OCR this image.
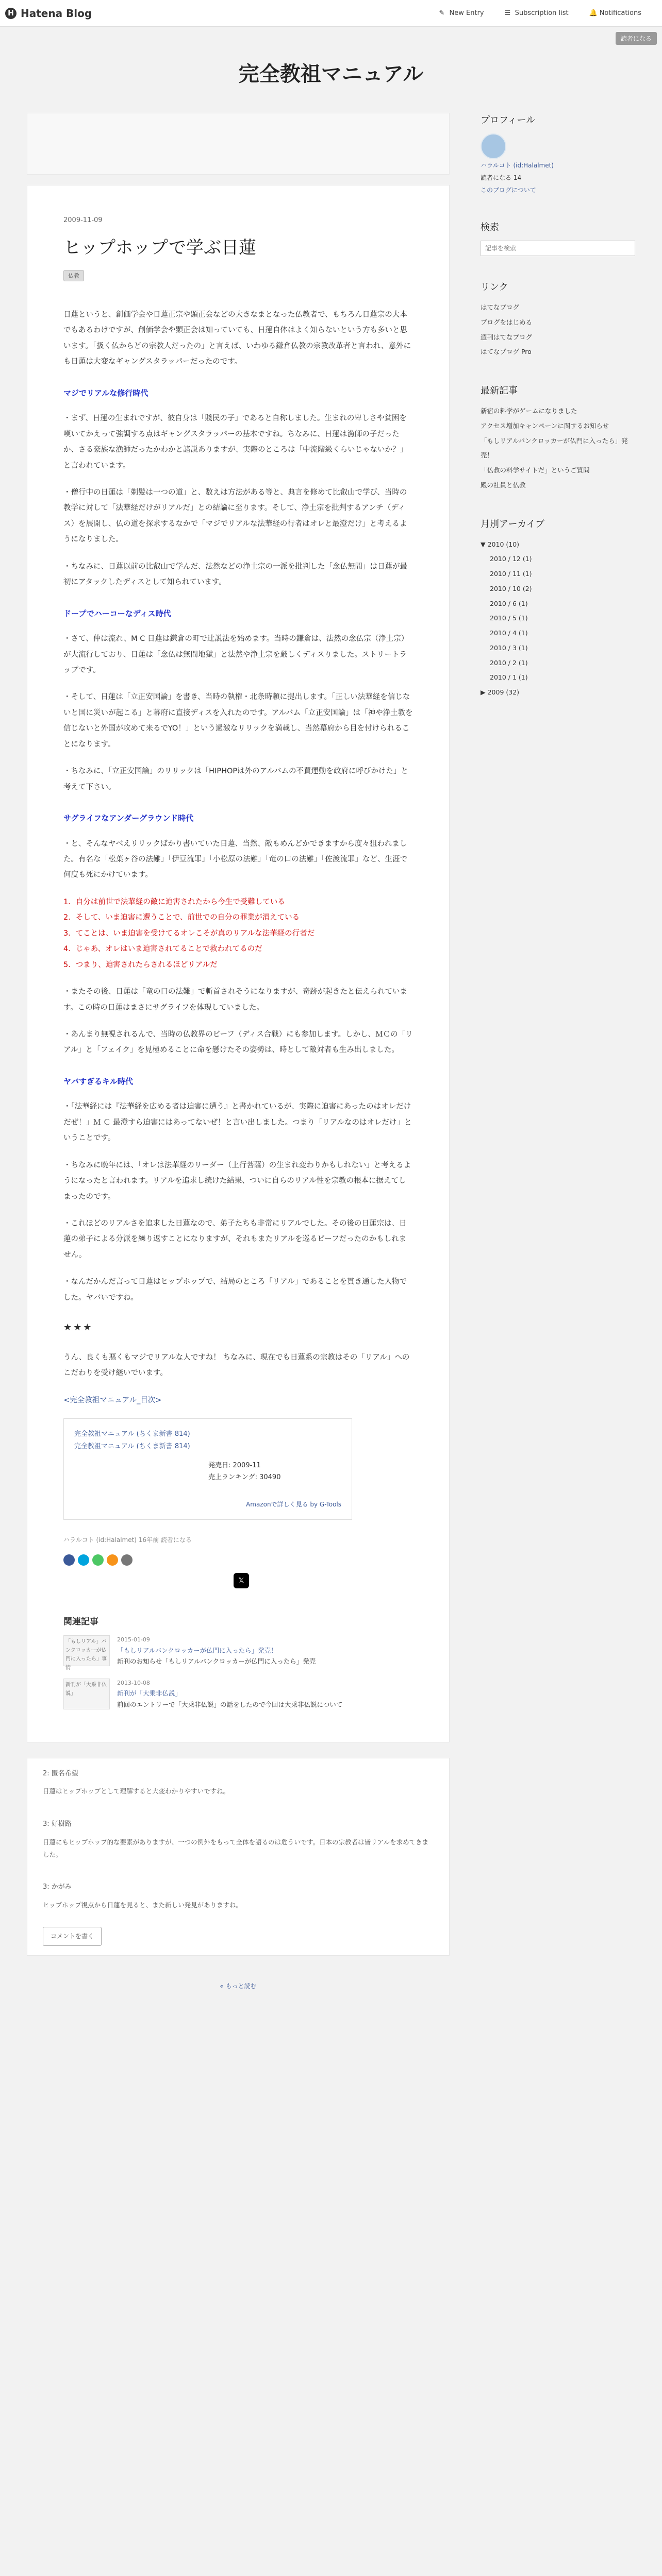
H Hatena Blog	✎ New Entry	☰ Subscription list	🔔 Notifications
読者になる
完全教祖マニュアル
2009-11-09
ヒップホップで学ぶ日蓮
仏教

日蓮というと、創価学会や日蓮正宗や顕正会などの大きなまとなった仏教者で、もちろん日蓮宗の大本でもあるわけですが、創価学会や顕正会は知っていても、日蓮自体はよく知らないという方も多いと思います。「扱く仏からどの宗教人だったの」と言えば、いわゆる鎌倉仏教の宗教改革者と言われ、意外にも日蓮は大変なギャングスタラッパーだったのです。

マジでリアルな修行時代

・まず、日蓮の生まれですが、彼自身は「賤民の子」であると自称しました。生まれの卑しさや貧困を嘆いてかえって強調する点はギャングスタラッパーの基本ですね。ちなみに、日蓮は漁師の子だったか、さる豪族な漁師だったかわかと諸説ありますが、実際のところは「中流階級くらいじゃないか？」と言われています。

・僧行中の日蓮は「剃髪は一つの道」と、数えは方法がある等と、典言を修めて比叡山で学び、当時の教学に対して「法華経だけがリアルだ」との結論に至ります。そして、浄土宗を批判するアンチ（ディス）を展開し、仏の道を探求するなかで「マジでリアルな法華経の行者はオレと最澄だけ」と考えるようになりました。

・ちなみに、日蓮以前の比叡山で学んだ、法然などの浄土宗の一派を批判した「念仏無間」は日蓮が最初にアタックしたディスとして知られています。

ドープでハーコーなディス時代

・さて、仲は流れ、M C 日蓮は鎌倉の町で辻説法を始めます。当時の鎌倉は、法然の念仏宗（浄土宗）が大流行しており、日蓮は「念仏は無間地獄」と法然や浄土宗を厳しくディスりました。ストリートラップです。

・そして、日蓮は「立正安国論」を書き、当時の執権・北条時頼に提出します。「正しい法華経を信じないと国に災いが起こる」と幕府に直接ディスを入れたのです。アルバム「立正安国論」は「神や浄土教を信じないと外国が攻めて来るでYO！」という過激なリリックを満載し、当然幕府から目を付けられることになります。

・ちなみに、「立正安国論」のリリックは「HIPHOPは外のアルバムの不買運動を政府に呼びかけた」と考えて下さい。

サグライフなアンダーグラウンド時代

・と、そんなヤベえリリックばかり書いていた日蓮、当然、敵もめんどかできますから度々狙われました。有名な「松葉ヶ谷の法難」「伊豆流罪」「小松原の法難」「竜の口の法難」「佐渡流罪」など、生涯で何度も死にかけています。

1．自分は前世で法華経の敵に迫害されたから今生で受難している
2．そして、いま迫害に遭うことで、前世での自分の罪業が消えている
3．てことは、いま迫害を受けてるオレこそが真のリアルな法華経の行者だ
4．じゃあ、オレはいま迫害されてることで救われてるのだ
5．つまり、迫害されたらされるほどリアルだ

・またその後、日蓮は「竜の口の法難」で斬首されそうになりますが、奇跡が起きたと伝えられています。この時の日蓮はまさにサグライフを体現していました。

・あんまり無視されるんで、当時の仏教界のビーフ（ディス合戦）にも参加します。しかし、ＭＣの「リアル」と「フェイク」を見極めることに命を懸けたその姿勢は、時として敵対者も生み出しました。

ヤバすぎるキル時代

・「法華経には『法華経を広める者は迫害に遭う』と書かれているが、実際に迫害にあったのはオレだけだぜ！」Ｍ Ｃ 最澄すら迫害にはあってないぜ！と言い出しました。つまり「リアルなのはオレだけ」ということです。

・ちなみに晩年には、「オレは法華経のリーダー（上行菩薩）の生まれ変わりかもしれない」と考えるようになったと言われます。リアルを追求し続けた結果、ついに自らのリアル性を宗教の根本に据えてしまったのです。

・これほどのリアルさを追求した日蓮なので、弟子たちも非常にリアルでした。その後の日蓮宗は、日蓮の弟子による分派を繰り返すことになりますが、それもまたリアルを巡るビーフだったのかもしれません。

・なんだかんだ言って日蓮はヒップホップで、結局のところ「リアル」であることを貫き通した人物でした。ヤバいですね。

★★★

うん、良くも悪くもマジでリアルな人ですね！ ちなみに、現在でも日蓮系の宗教はその「リアル」へのこだわりを受け継いでいます。

<完全教祖マニュアル_目次>
完全教祖マニュアル (ちくま新書 814)
完全教祖マニュアル (ちくま新書 814)
発売日: 2009-11
売上ランキング: 30490
Amazonで詳しく見る by G-Tools
ハラルコト (id:Halalmet) 16年前 読者になる
𝕏
関連記事
「もしリアル」バンクロッカーが仏門に入ったら」事情
2015-01-09
「もしリアルバンクロッカーが仏門に入ったら」発売！
新刊のお知らせ「もしリアルバンクロッカーが仏門に入ったら」発売
新刊が「大乗非仏説」
2013-10-08
新刊が「大乗非仏説」
前回のエントリーで「大乗非仏説」の話をしたので今回は大乗非仏説について
2: 匿名希望

日蓮はヒップホップとして理解すると大変わかりやすいですね。

3: 好樹路

日蓮にもヒップホップ的な要素がありますが、一つの例外をもって全体を語るのは危ういです。日本の宗教者は皆リアルを求めてきました。

3: かがみ

ヒップホップ視点から日蓮を見ると、また新しい発見がありますね。

コメントを書く
« もっと読む
プロフィール
ハラルコト (id:Halalmet)
読者になる 14
このブログについて
検索
記事を検索
リンク
はてなブログ
ブログをはじめる
週刊はてなブログ
はてなブログ Pro
最新記事
新宿の料学がゲームになりました
アクセス増加キャンペーンに関するお知らせ
「もしリアルパンクロッカーが仏門に入ったら」発売！
「仏教の料学サイトだ」というご質問
殿の社員と仏教
月別アーカイブ
▼ 2010 (10)
2010 / 12 (1)
2010 / 11 (1)
2010 / 10 (2)
2010 / 6 (1)
2010 / 5 (1)
2010 / 4 (1)
2010 / 3 (1)
2010 / 2 (1)
2010 / 1 (1)
▶ 2009 (32)
